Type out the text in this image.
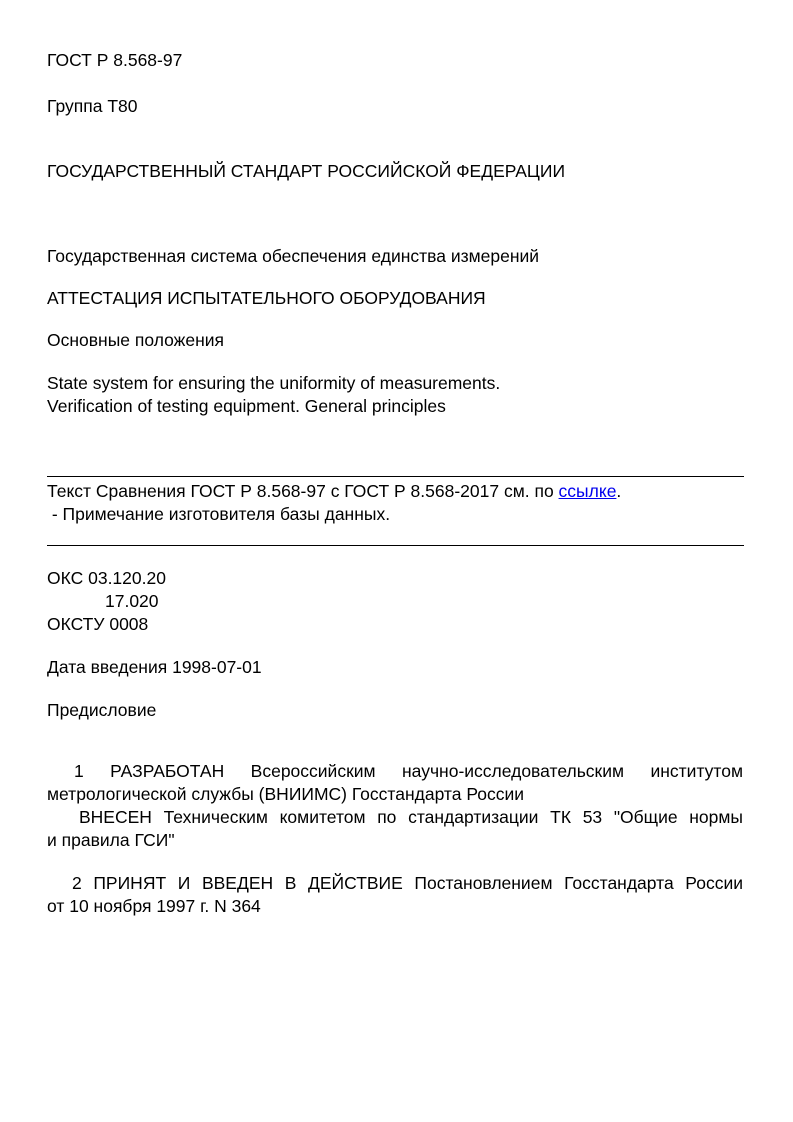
ГОСТ Р 8.568-97

Группа Т80

ГОСУДАРСТВЕННЫЙ СТАНДАРТ РОССИЙСКОЙ ФЕДЕРАЦИИ

Государственная система обеспечения единства измерений

АТТЕСТАЦИЯ ИСПЫТАТЕЛЬНОГО ОБОРУДОВАНИЯ

Основные положения

State system for ensuring the uniformity of measurements.

Verification of testing equipment. General principles

Текст Сравнения ГОСТ Р 8.568-97 с ГОСТ Р 8.568-2017 см. по ссылке.

- Примечание изготовителя базы данных.

ОКС 03.120.20

17.020

ОКСТУ 0008

Дата введения 1998-07-01

Предисловие

1 РАЗРАБОТАН Всероссийским научно-исследовательским институтом

метрологической службы (ВНИИМС) Госстандарта России

ВНЕСЕН Техническим комитетом по стандартизации ТК 53 "Общие нормы

и правила ГСИ"

2 ПРИНЯТ И ВВЕДЕН В ДЕЙСТВИЕ Постановлением Госстандарта России

от 10 ноября 1997 г. N 364
